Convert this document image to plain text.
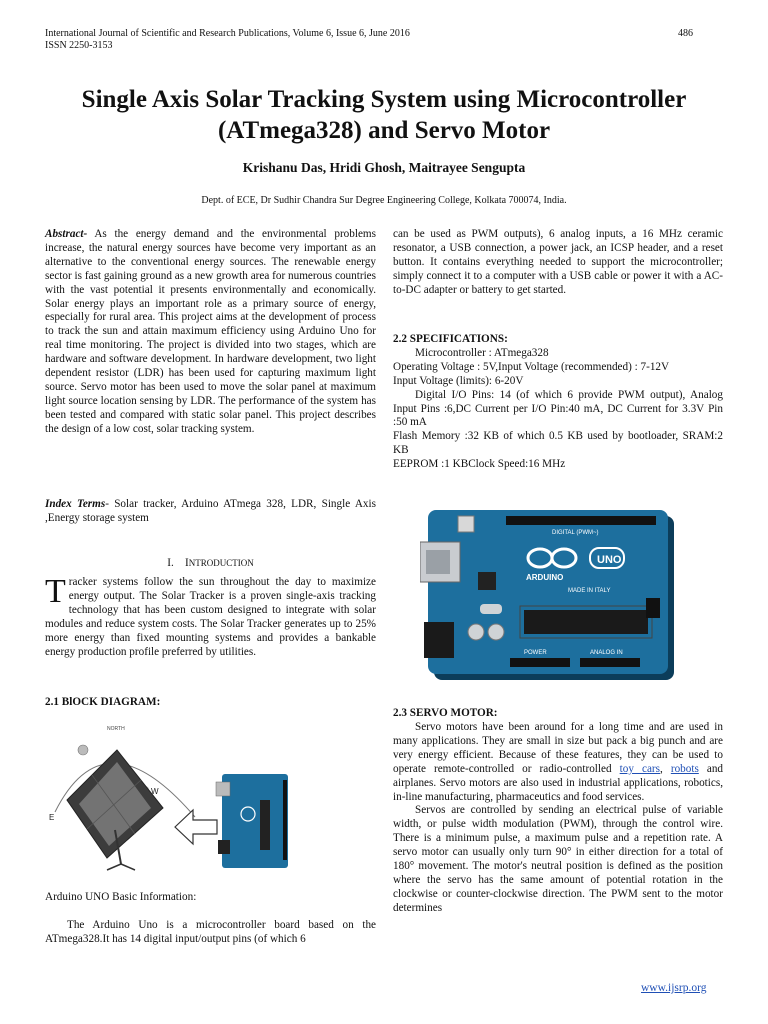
International Journal of Scientific and Research Publications, Volume 6, Issue 6, June 2016
ISSN 2250-3153
486
Single Axis Solar Tracking System using Microcontroller
(ATmega328) and Servo Motor
Krishanu Das, Hridi Ghosh, Maitrayee Sengupta
Dept. of ECE, Dr Sudhir Chandra Sur Degree Engineering College, Kolkata 700074, India.

Abstract- As the energy demand and the environmental problems increase, the natural energy sources have become very important as an alternative to the conventional energy sources. The renewable energy sector is fast gaining ground as a new growth area for numerous countries with the vast potential it presents environmentally and economically. Solar energy plays an important role as a primary source of energy, especially for rural area. This project aims at the development of process to track the sun and attain maximum efficiency using Arduino Uno for real time monitoring. The project is divided into two stages, which are hardware and software development. In hardware development, two light dependent resistor (LDR) has been used for capturing maximum light source. Servo motor has been used to move the solar panel at maximum light source location sensing by LDR. The performance of the system has been tested and compared with static solar panel. This project describes the design of a low cost, solar tracking system.

Index Terms- Solar tracker, Arduino ATmega 328, LDR, Single Axis ,Energy storage system

I. INTRODUCTION

Tracker systems follow the sun throughout the day to maximize energy output. The Solar Tracker is a proven single-axis tracking technology that has been custom designed to integrate with solar modules and reduce system costs. The Solar Tracker generates up to 25% more energy than fixed mounting systems and provides a bankable energy production profile preferred by utilities.

2.1 BlOCK DIAGRAM:
NORTH
E
W
Arduino UNO Basic Information:
The Arduino Uno is a microcontroller board based on the ATmega328.It has 14 digital input/output pins (of which 6
can be used as PWM outputs), 6 analog inputs, a 16 MHz ceramic resonator, a USB connection, a power jack, an ICSP header, and a reset button. It contains everything needed to support the microcontroller; simply connect it to a computer with a USB cable or power it with a AC-to-DC adapter or battery to get started.

2.2 SPECIFICATIONS:

Microcontroller : ATmega328

Operating Voltage : 5V,Input Voltage (recommended) : 7-12V

Input Voltage (limits): 6-20V

Digital I/O Pins: 14 (of which 6 provide PWM output), Analog Input Pins :6,DC Current per I/O Pin:40 mA, DC Current for 3.3V Pin :50 mA

Flash Memory :32 KB of which 0.5 KB used by bootloader, SRAM:2 KB

EEPROM :1 KBClock Speed:16 MHz

DIGITAL (PWM~)
POWER	ANALOG IN
ARDUINO
UNO
MADE IN ITALY
2.3 SERVO MOTOR:

Servo motors have been around for a long time and are used in many applications. They are small in size but pack a big punch and are very energy efficient. Because of these features, they can be used to operate remote-controlled or radio-controlled toy cars, robots and airplanes. Servo motors are also used in industrial applications, robotics, in-line manufacturing, pharmaceutics and food services.

Servos are controlled by sending an electrical pulse of variable width, or pulse width modulation (PWM), through the control wire. There is a minimum pulse, a maximum pulse and a repetition rate. A servo motor can usually only turn 90° in either direction for a total of 180° movement. The motor's neutral position is defined as the position where the servo has the same amount of potential rotation in the clockwise or counter-clockwise direction. The PWM sent to the motor determines

www.ijsrp.org
